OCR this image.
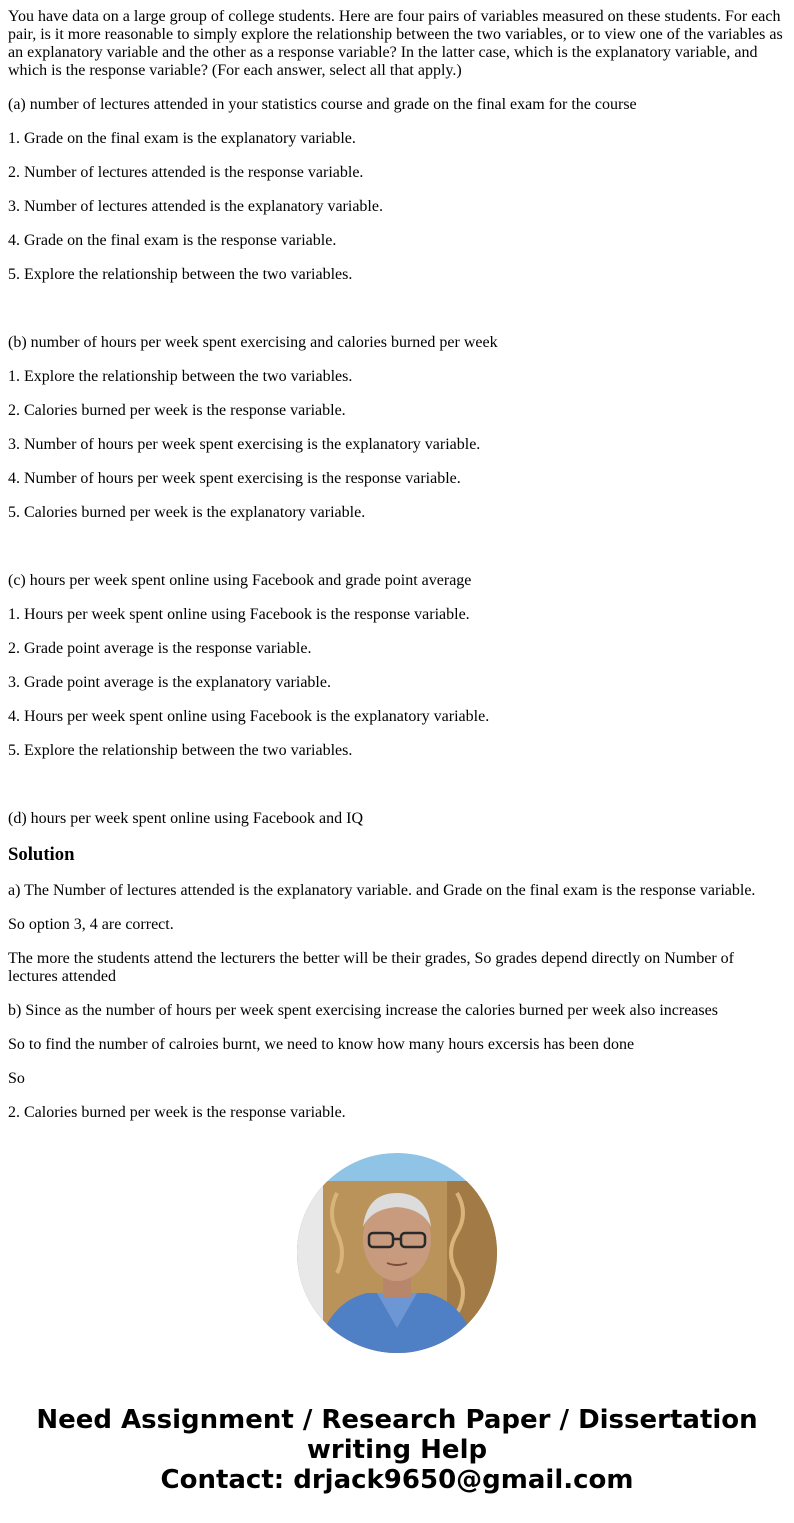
You have data on a large group of college students. Here are four pairs of variables measured on these students. For each pair, is it more reasonable to simply explore the relationship between the two variables, or to view one of the variables as an explanatory variable and the other as a response variable? In the latter case, which is the explanatory variable, and which is the response variable? (For each answer, select all that apply.)

(a) number of lectures attended in your statistics course and grade on the final exam for the course

1. Grade on the final exam is the explanatory variable.

2. Number of lectures attended is the response variable.

3. Number of lectures attended is the explanatory variable.

4. Grade on the final exam is the response variable.

5. Explore the relationship between the two variables.

(b) number of hours per week spent exercising and calories burned per week

1. Explore the relationship between the two variables.

2. Calories burned per week is the response variable.

3. Number of hours per week spent exercising is the explanatory variable.

4. Number of hours per week spent exercising is the response variable.

5. Calories burned per week is the explanatory variable.

(c) hours per week spent online using Facebook and grade point average

1. Hours per week spent online using Facebook is the response variable.

2. Grade point average is the response variable.

3. Grade point average is the explanatory variable.

4. Hours per week spent online using Facebook is the explanatory variable.

5. Explore the relationship between the two variables.

(d) hours per week spent online using Facebook and IQ

Solution

a) The Number of lectures attended is the explanatory variable. and Grade on the final exam is the response variable.

So option 3, 4 are correct.

The more the students attend the lecturers the better will be their grades, So grades depend directly on Number of lectures attended

b) Since as the number of hours per week spent exercising increase the calories burned per week also increases

So to find the number of calroies burnt, we need to know how many hours excersis has been done

So

2. Calories burned per week is the response variable.

Need Assignment / Research Paper / Dissertation
writing Help
Contact: drjack9650@gmail.com
